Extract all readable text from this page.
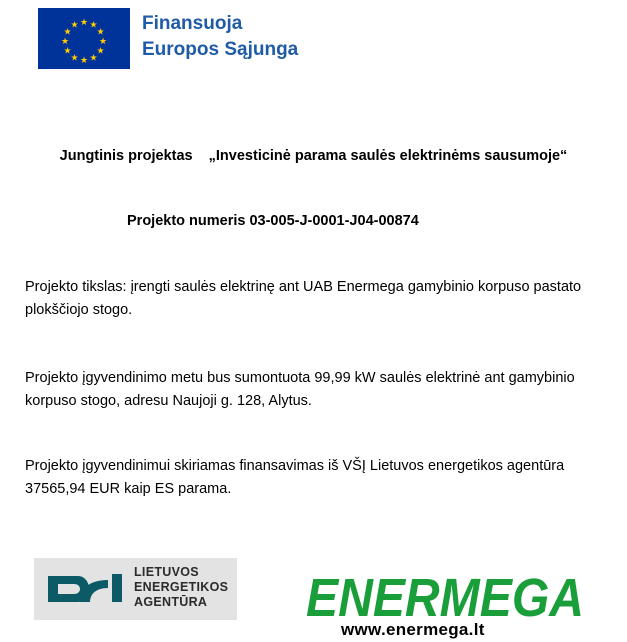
★ ★
★
★
★
★
★
★
★
★
★
★	Finansuoja
Europos Sąjunga
Jungtinis projektas „Investicinė parama saulės elektrinėms sausumoje“
Projekto numeris 03-005-J-0001-J04-00874
Projekto tikslas: įrengti saulės elektrinę ant UAB Enermega gamybinio korpuso pastato plokščiojo stogo.
Projekto įgyvendinimo metu bus sumontuota 99,99 kW saulės elektrinė ant gamybinio korpuso stogo, adresu Naujoji g. 128, Alytus.
Projekto įgyvendinimui skiriamas finansavimas iš VŠĮ Lietuvos energetikos agentūra 37565,94 EUR kaip ES parama.
LIETUVOS
ENERGETIKOS
AGENTŪRA	ENERMEGA
www.enermega.lt
